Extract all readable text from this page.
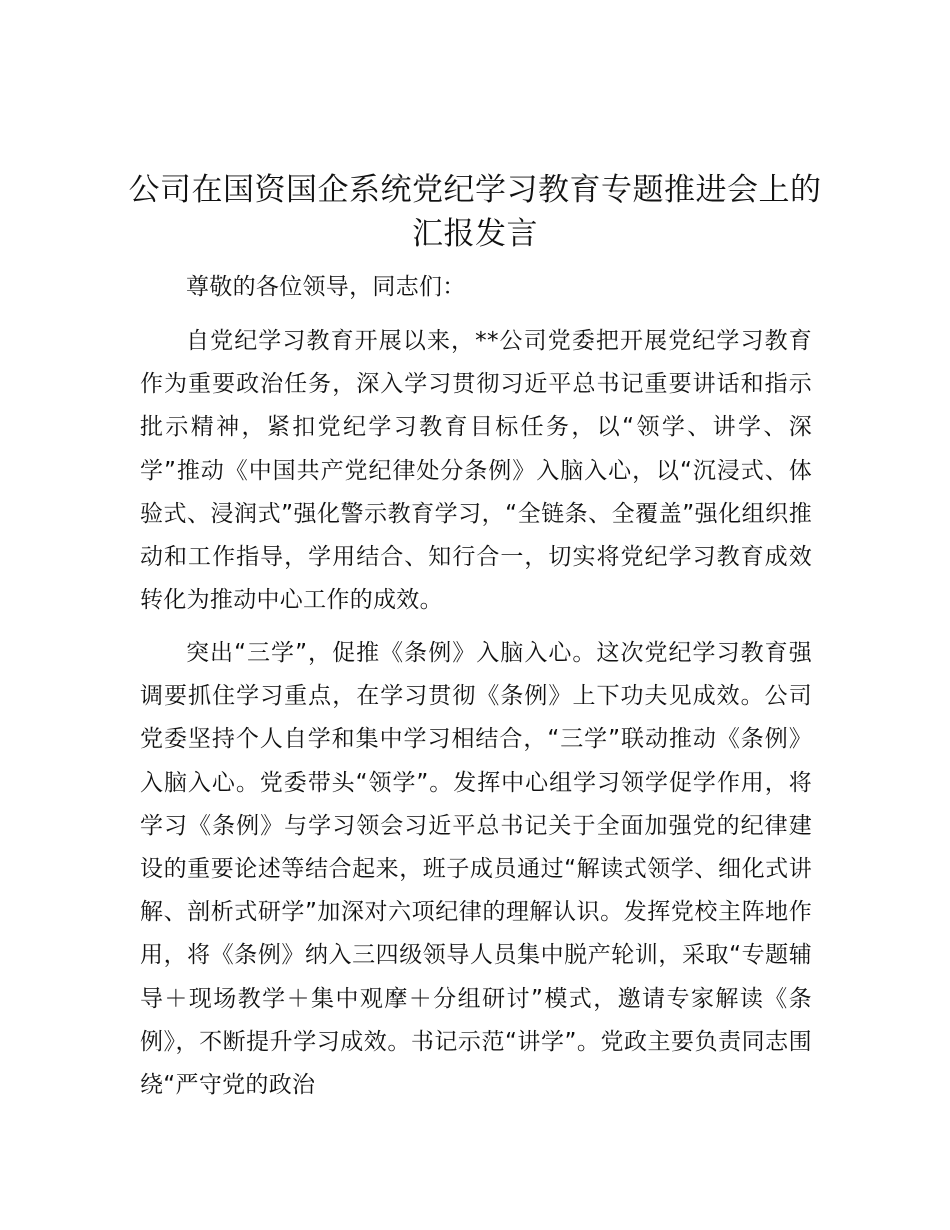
公司在国资国企系统党纪学习教育专题推进会上的汇报发言

尊敬的各位领导，同志们：

自党纪学习教育开展以来，**公司党委把开展党纪学习教育作为重要政治任务，深入学习贯彻习近平总书记重要讲话和指示批示精神，紧扣党纪学习教育目标任务，以“领学、讲学、深学”推动《中国共产党纪律处分条例》入脑入心，以“沉浸式、体验式、浸润式”强化警示教育学习，“全链条、全覆盖”强化组织推动和工作指导，学用结合、知行合一，切实将党纪学习教育成效转化为推动中心工作的成效。

突出“三学”，促推《条例》入脑入心。这次党纪学习教育强调要抓住学习重点，在学习贯彻《条例》上下功夫见成效。公司党委坚持个人自学和集中学习相结合，“三学”联动推动《条例》入脑入心。党委带头“领学”。发挥中心组学习领学促学作用，将学习《条例》与学习领会习近平总书记关于全面加强党的纪律建设的重要论述等结合起来，班子成员通过“解读式领学、细化式讲解、剖析式研学”加深对六项纪律的理解认识。发挥党校主阵地作用，将《条例》纳入三四级领导人员集中脱产轮训，采取“专题辅导＋现场教学＋集中观摩＋分组研讨”模式，邀请专家解读《条例》，不断提升学习成效。书记示范“讲学”。党政主要负责同志围绕“严守党的政治
